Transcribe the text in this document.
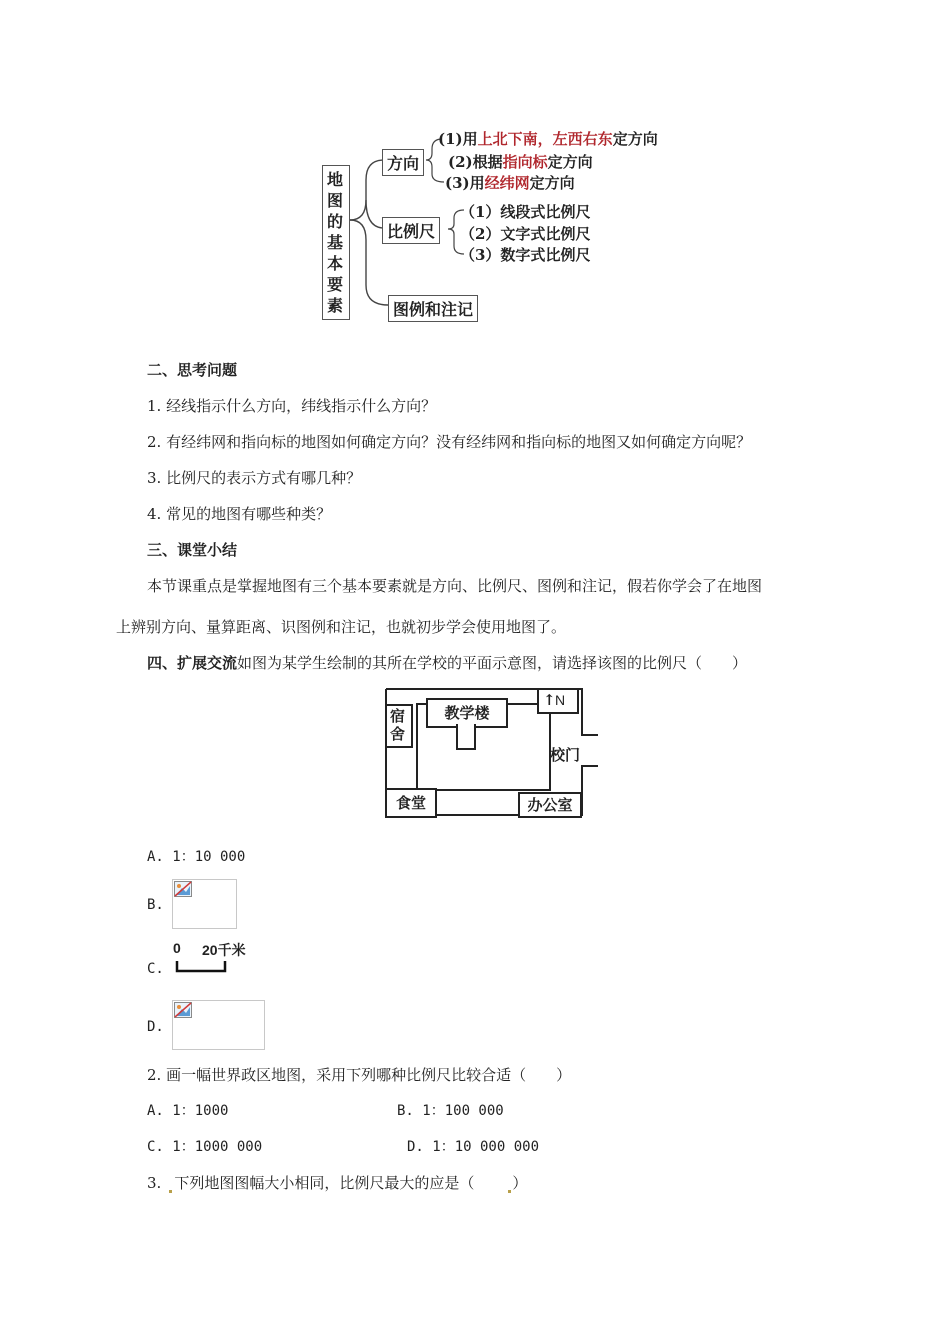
地图的基本要素
方向
(1)用上北下南，左西右东定方向
(2)根据指向标定方向
(3)用经纬网定方向
比例尺
（1）线段式比例尺
（2）文字式比例尺
（3）数字式比例尺
图例和注记
二、思考问题
1. 经线指示什么方向，纬线指示什么方向？
2. 有经纬网和指向标的地图如何确定方向？没有经纬网和指向标的地图又如何确定方向呢？
3. 比例尺的表示方式有哪几种？
4. 常见的地图有哪些种类？
三、课堂小结
本节课重点是掌握地图有三个基本要素就是方向、比例尺、图例和注记，假若你学会了在地图
上辨别方向、量算距离、识图例和注记，也就初步学会使用地图了。
四、扩展交流如图为某学生绘制的其所在学校的平面示意图，请选择该图的比例尺（　　）
宿舍
教学楼
↑ N
校门
食堂	办公室
A. 1：10 000
B.
C.
0 20千米
D.
2. 画一幅世界政区地图，采用下列哪种比例尺比较合适（　　）
A. 1：1000	B. 1：100 000
C. 1：1000 000	D. 1：10 000 000
3. 下列地图图幅大小相同，比例尺最大的应是（	）
